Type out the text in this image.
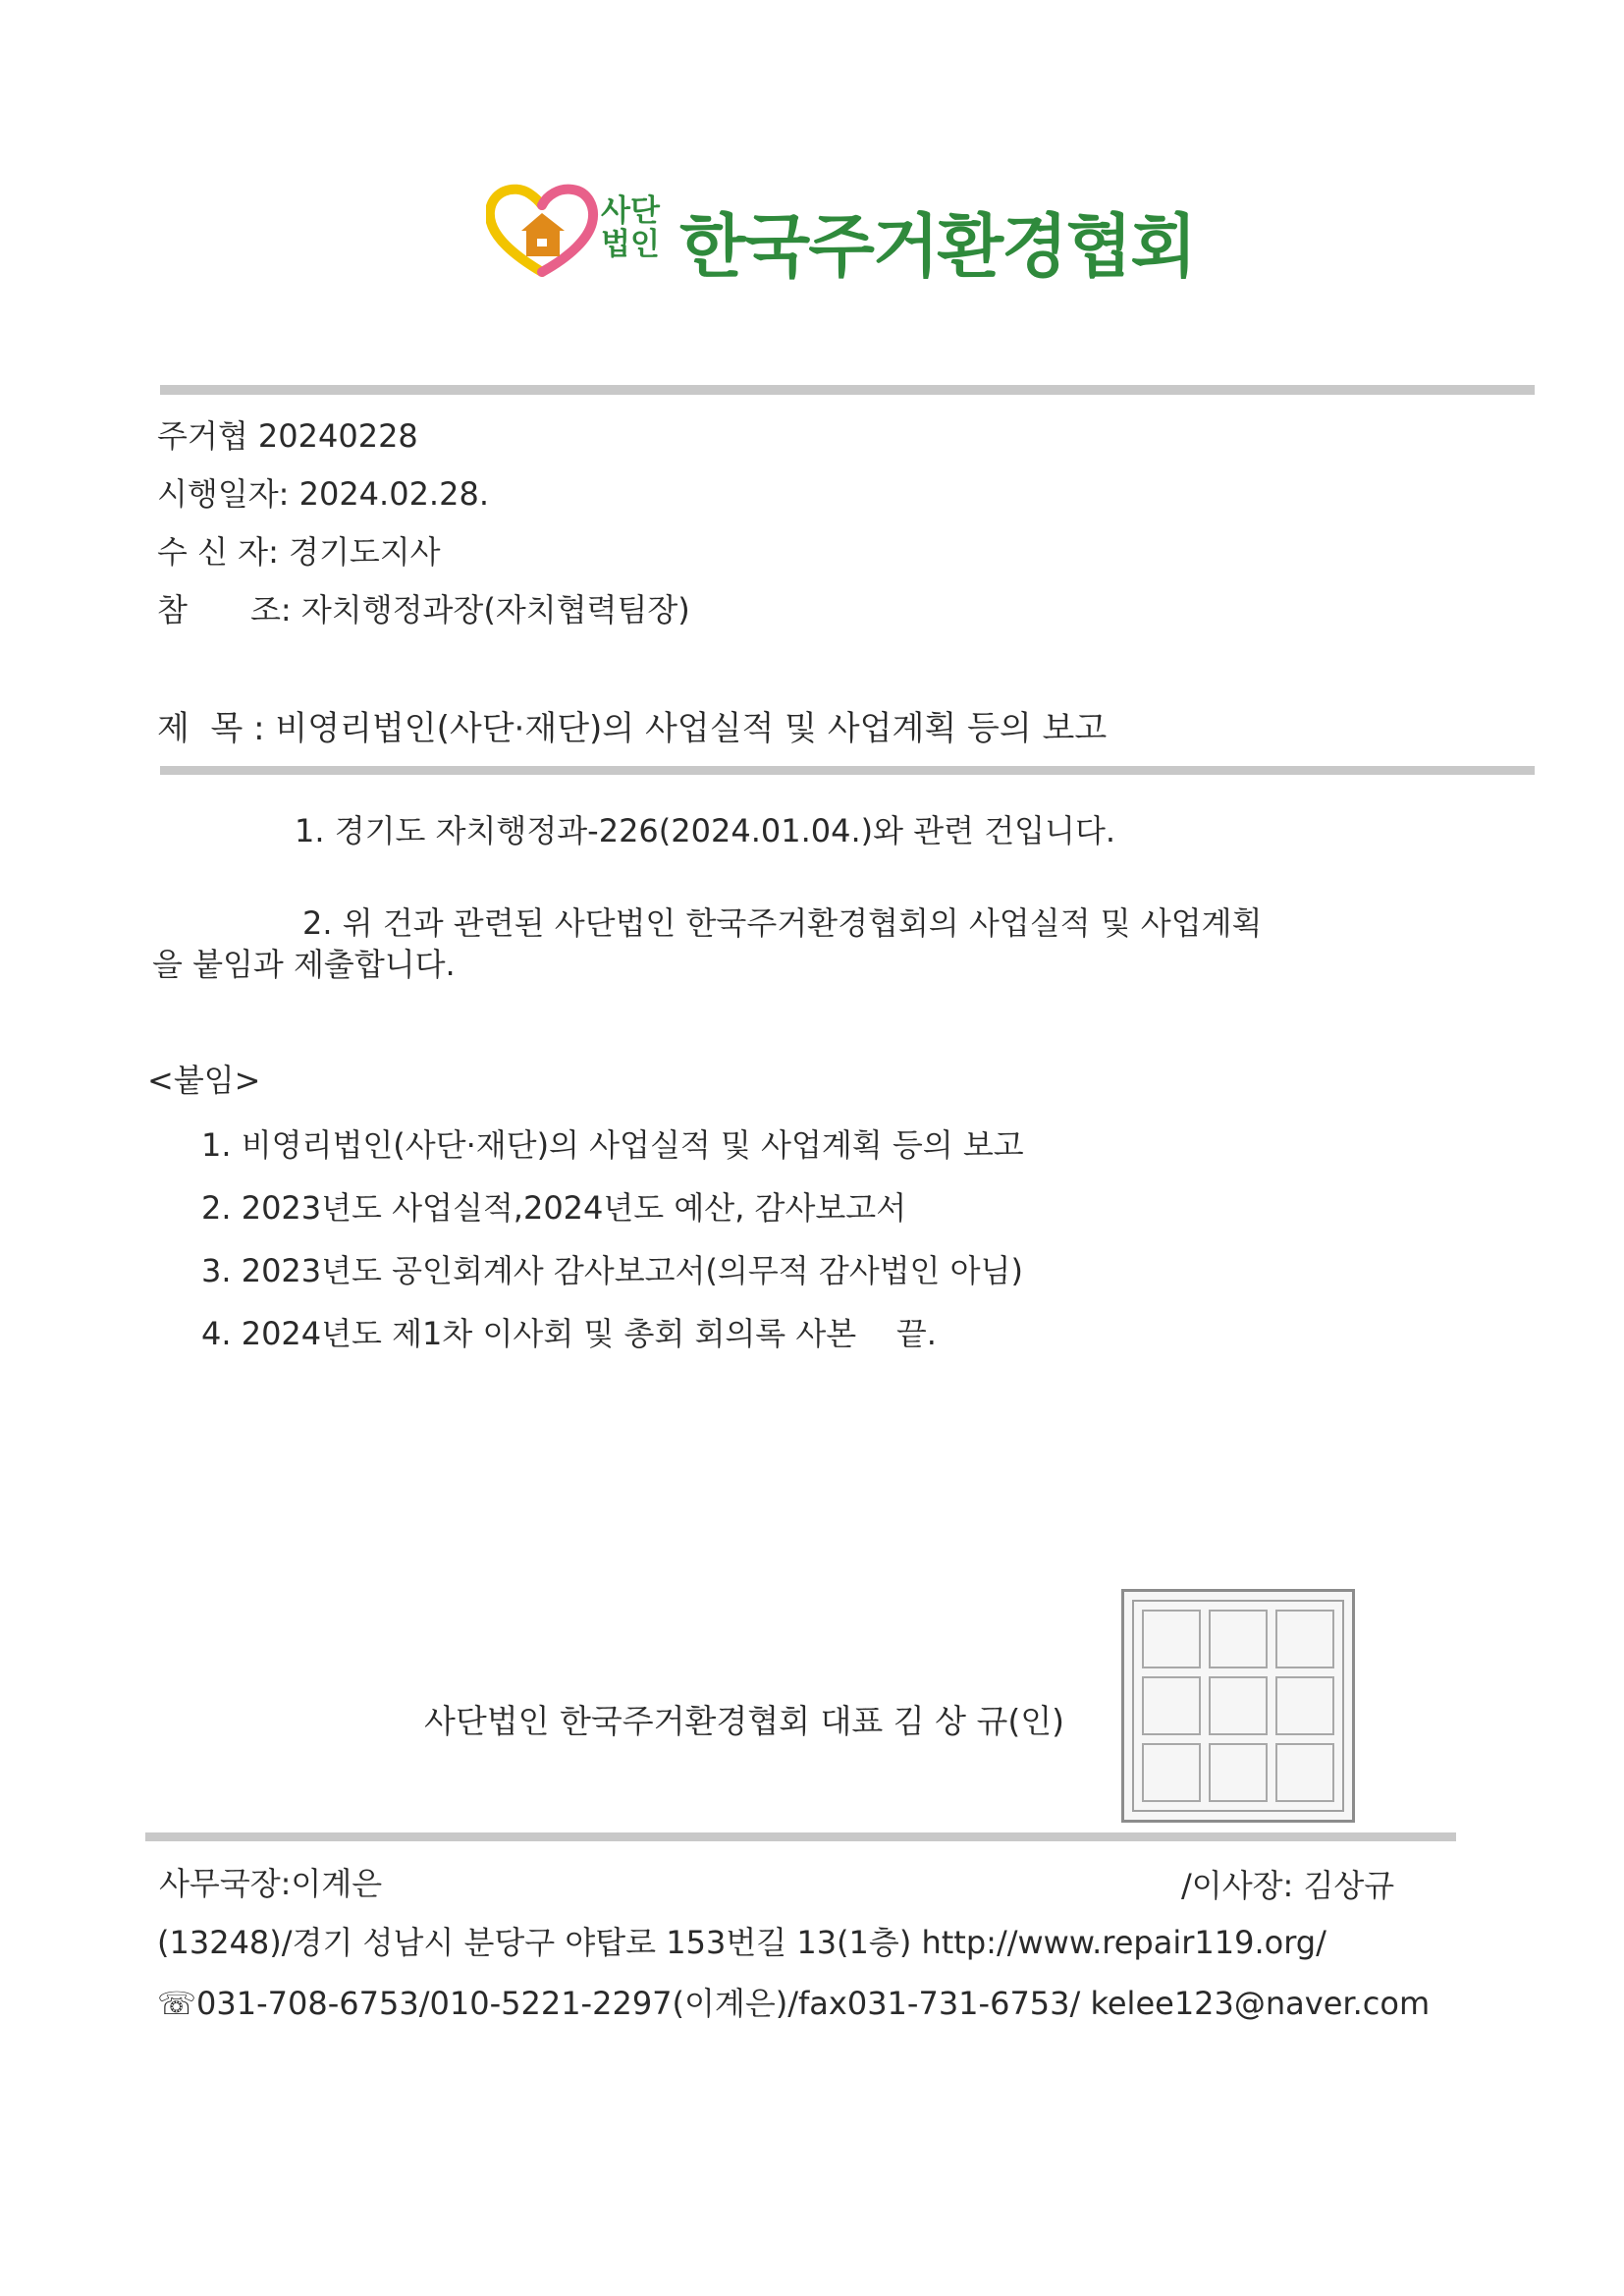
사단법인 한국주거환경협회
주거협 20240228
시행일자: 2024.02.28.
수 신 자: 경기도지사
참 조: 자치행정과장(자치협력팀장)
제  목 : 비영리법인(사단·재단)의 사업실적 및 사업계획 등의 보고
1. 경기도 자치행정과-226(2024.01.04.)와 관련 건입니다.
2. 위 건과 관련된 사단법인 한국주거환경협회의 사업실적 및 사업계획
을 붙임과 제출합니다.
<붙임>
1. 비영리법인(사단·재단)의 사업실적 및 사업계획 등의 보고
2. 2023년도 사업실적,2024년도 예산, 감사보고서
3. 2023년도 공인회계사 감사보고서(의무적 감사법인 아님)
4. 2024년도 제1차 이사회 및 총회 회의록 사본    끝.
사단법인 한국주거환경협회 대표 김 상 규(인)
사무국장:이계은	/이사장: 김상규
(13248)/경기 성남시 분당구 야탑로 153번길 13(1층) http://www.repair119.org/
☏031-708-6753/010-5221-2297(이계은)/fax031-731-6753/ kelee123@naver.com
